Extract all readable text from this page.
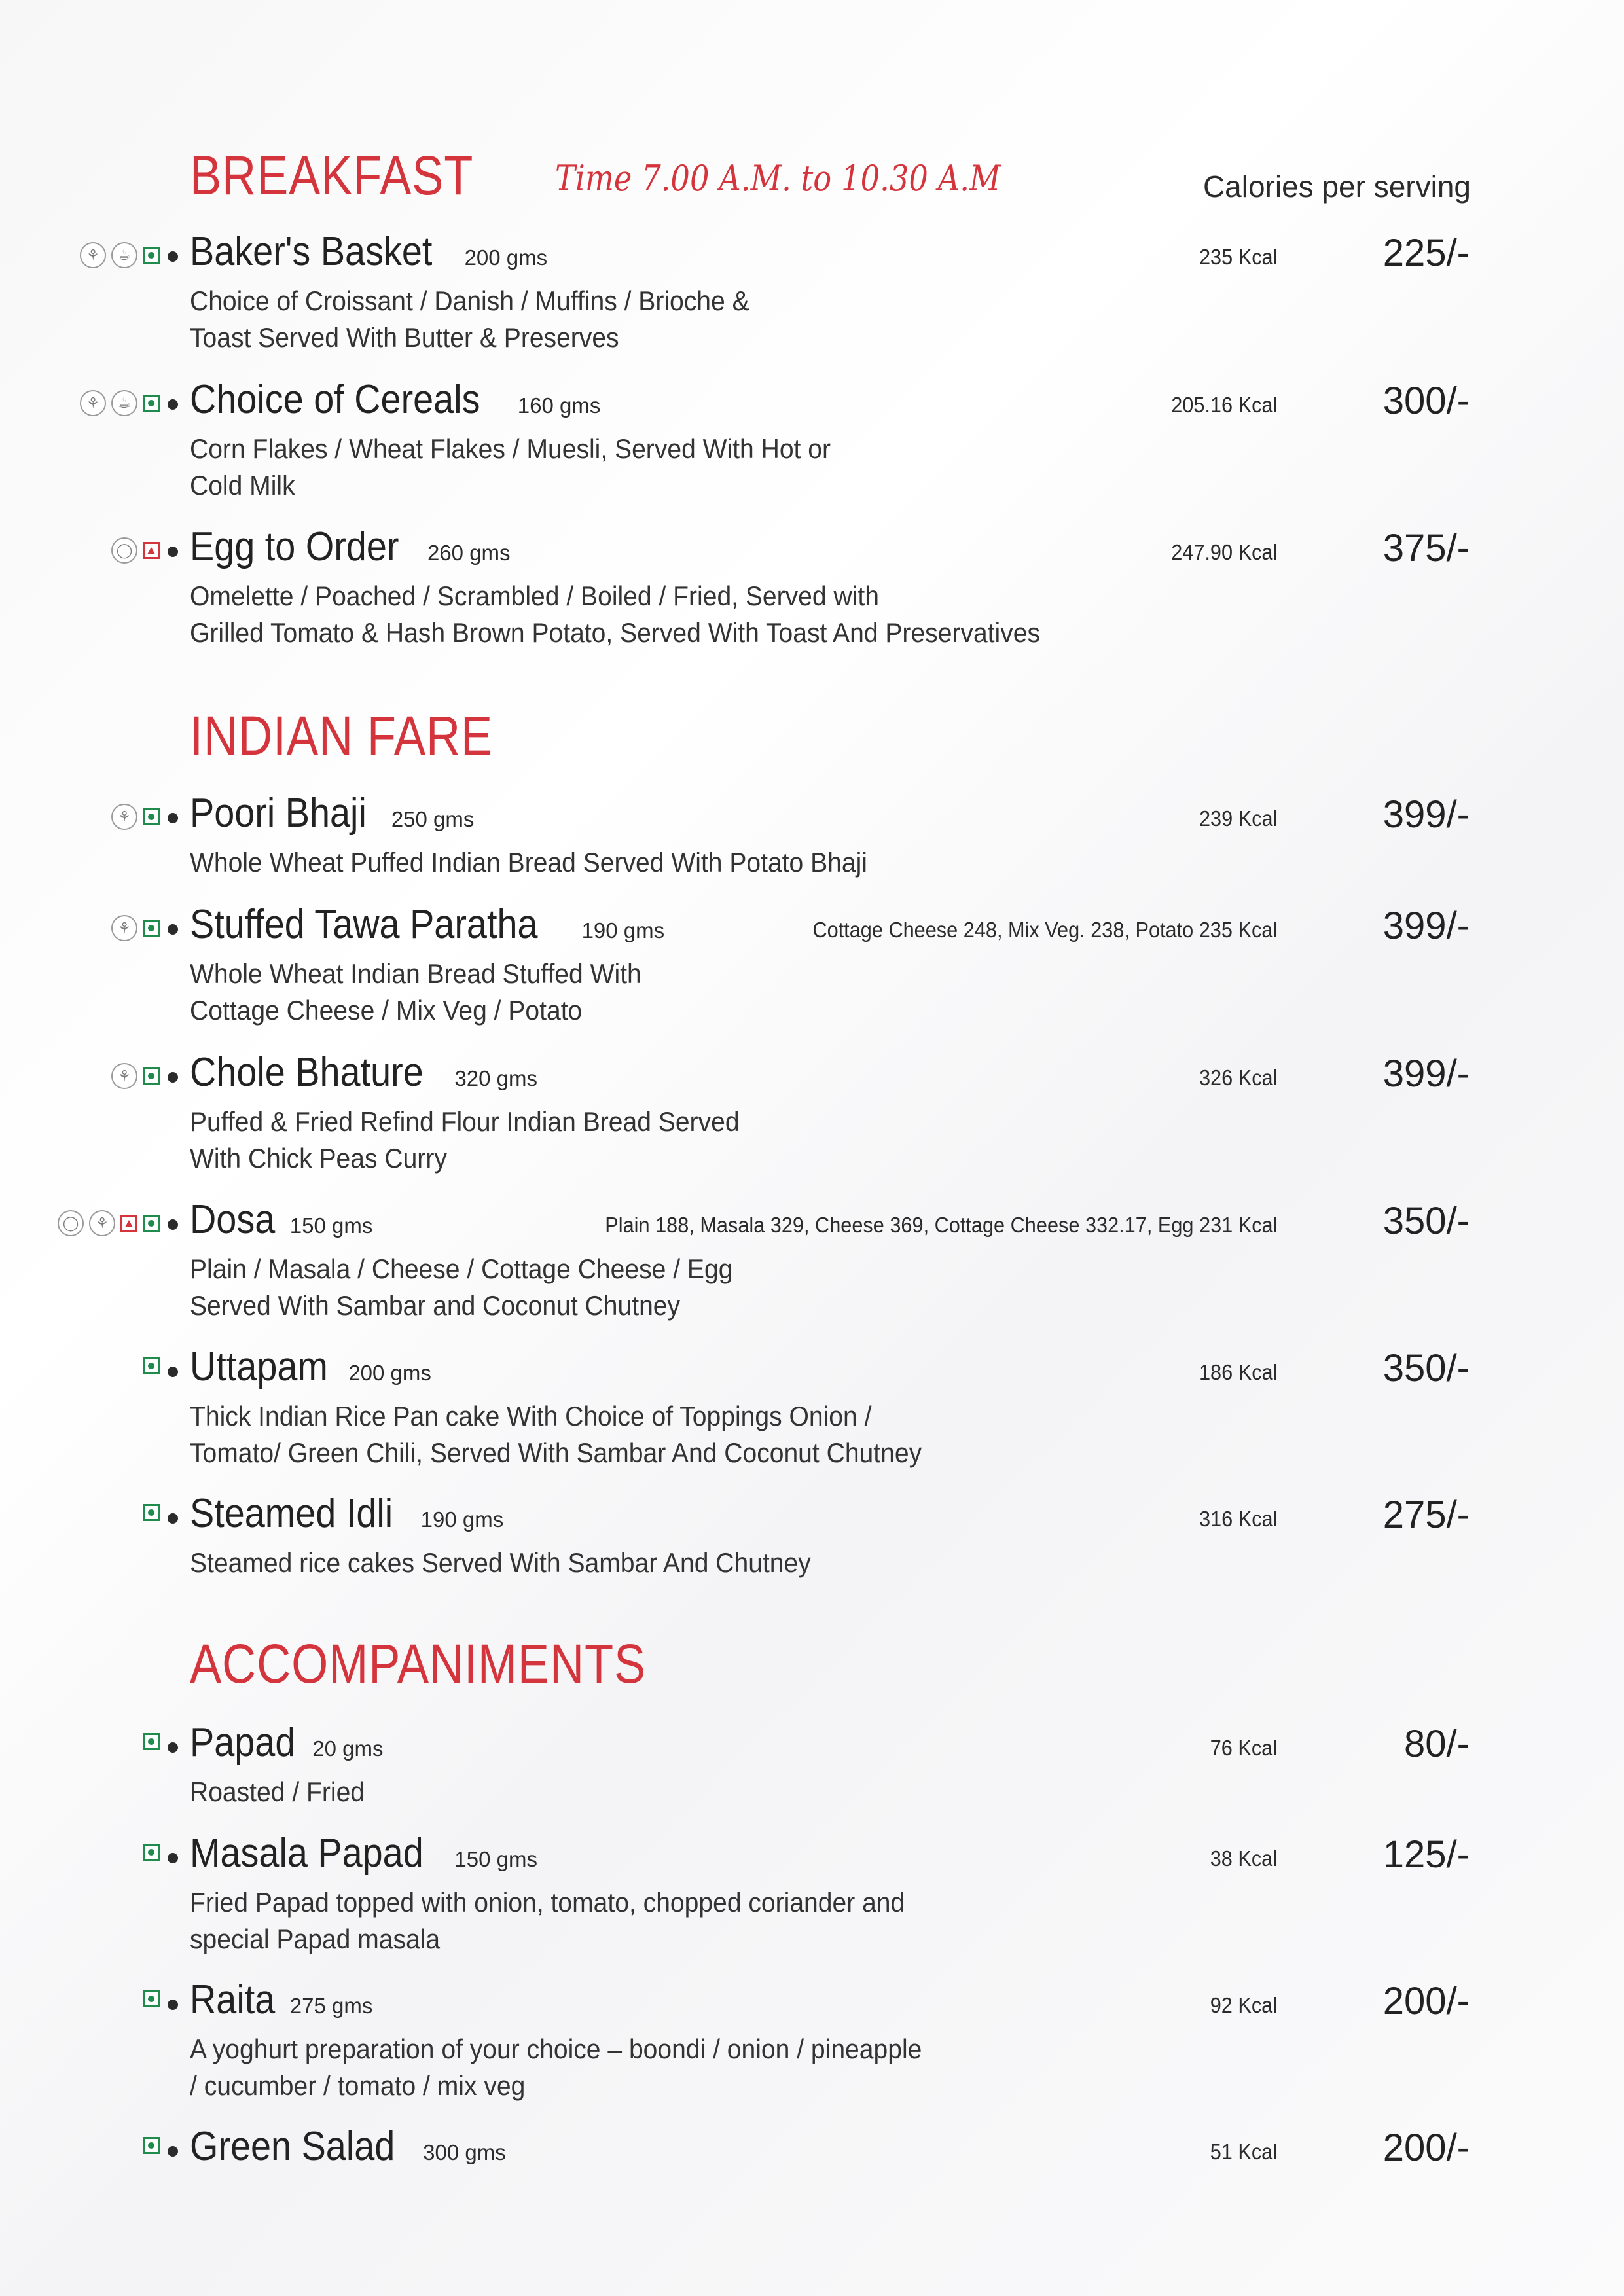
BREAKFAST Time 7.00 A.M. to 10.30 A.M	Calories per serving
⚘	☕ Baker's Basket 200 gms	235 Kcal	225/-
Choice of Croissant / Danish / Muffins / Brioche &
Toast Served With Butter & Preserves
⚘	☕ Choice of Cereals 160 gms	205.16 Kcal	300/-
Corn Flakes / Wheat Flakes / Muesli, Served With Hot or
Cold Milk
◯ Egg to Order 260 gms	247.90 Kcal	375/-
Omelette / Poached / Scrambled / Boiled / Fried, Served with
Grilled Tomato & Hash Brown Potato, Served With Toast And Preservatives
INDIAN FARE
⚘ Poori Bhaji 250 gms	239 Kcal	399/-
Whole Wheat Puffed Indian Bread Served With Potato Bhaji
⚘ Stuffed Tawa Paratha 190 gms	Cottage Cheese 248, Mix Veg. 238, Potato 235 Kcal	399/-
Whole Wheat Indian Bread Stuffed With
Cottage Cheese / Mix Veg / Potato
⚘ Chole Bhature 320 gms	326 Kcal	399/-
Puffed & Fried Refind Flour Indian Bread Served
With Chick Peas Curry
◯	⚘ Dosa 150 gms	Plain 188, Masala 329, Cheese 369, Cottage Cheese 332.17, Egg 231 Kcal	350/-
Plain / Masala / Cheese / Cottage Cheese / Egg
Served With Sambar and Coconut Chutney
Uttapam 200 gms	186 Kcal	350/-
Thick Indian Rice Pan cake With Choice of Toppings Onion /
Tomato/ Green Chili, Served With Sambar And Coconut Chutney
Steamed Idli 190 gms	316 Kcal	275/-
Steamed rice cakes Served With Sambar And Chutney
ACCOMPANIMENTS
Papad 20 gms	76 Kcal	80/-
Roasted / Fried
Masala Papad 150 gms	38 Kcal	125/-
Fried Papad topped with onion, tomato, chopped coriander and
special Papad masala
Raita 275 gms	92 Kcal	200/-
A yoghurt preparation of your choice – boondi / onion / pineapple
/ cucumber / tomato / mix veg
Green Salad 300 gms	51 Kcal	200/-
